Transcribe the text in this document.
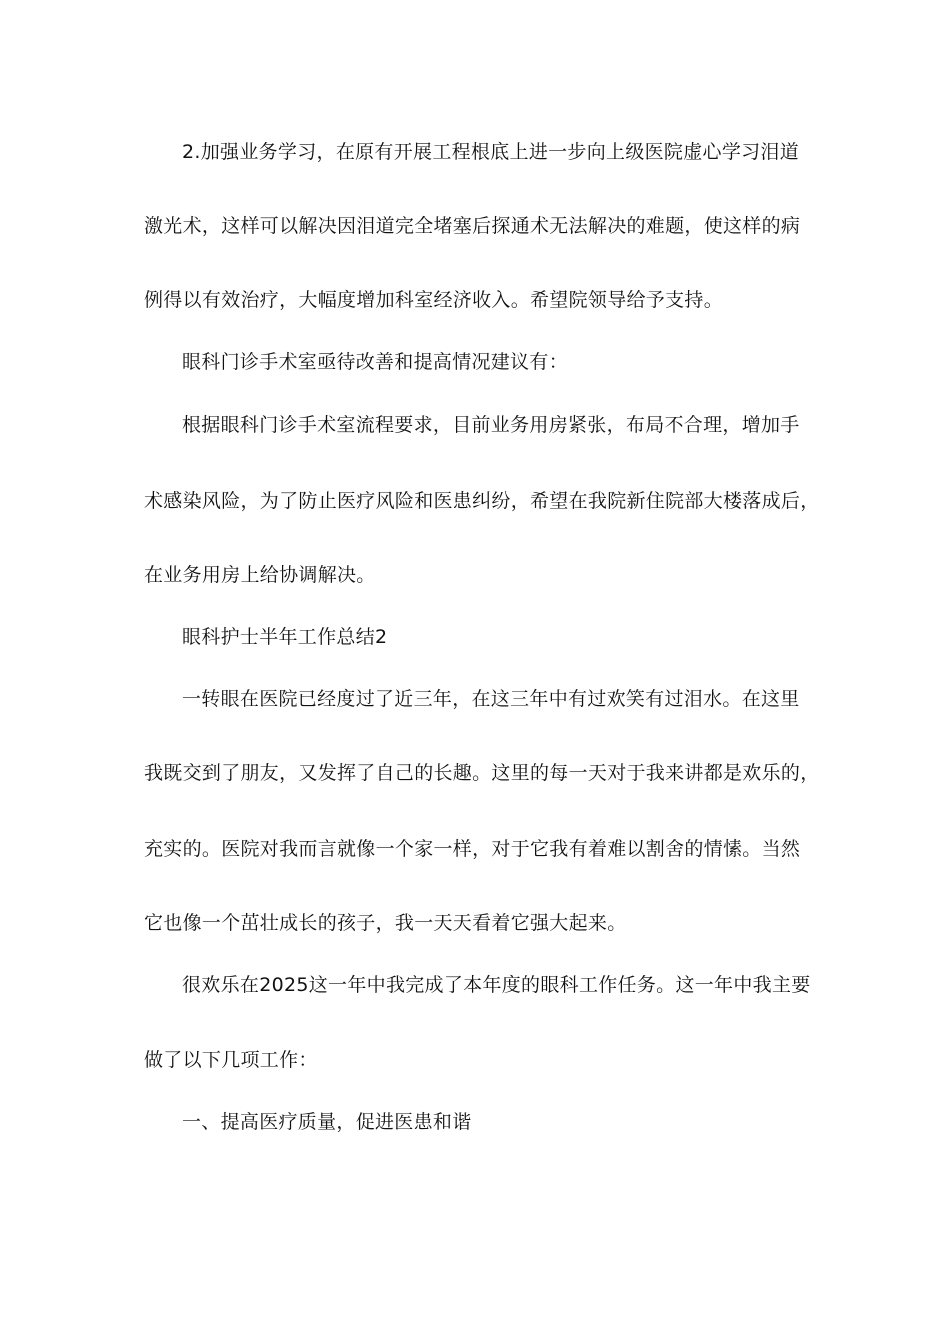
2.加强业务学习，在原有开展工程根底上进一步向上级医院虚心学习泪道
激光术，这样可以解决因泪道完全堵塞后探通术无法解决的难题，使这样的病
例得以有效治疗，大幅度增加科室经济收入。希望院领导给予支持。
眼科门诊手术室亟待改善和提高情况建议有：
根据眼科门诊手术室流程要求，目前业务用房紧张，布局不合理，增加手
术感染风险，为了防止医疗风险和医患纠纷，希望在我院新住院部大楼落成后，
在业务用房上给协调解决。
眼科护士半年工作总结2
一转眼在医院已经度过了近三年，在这三年中有过欢笑有过泪水。在这里
我既交到了朋友，又发挥了自己的长趣。这里的每一天对于我来讲都是欢乐的，
充实的。医院对我而言就像一个家一样，对于它我有着难以割舍的情愫。当然
它也像一个茁壮成长的孩子，我一天天看着它强大起来。
很欢乐在2025这一年中我完成了本年度的眼科工作任务。这一年中我主要
做了以下几项工作：
一、提高医疗质量，促进医患和谐
